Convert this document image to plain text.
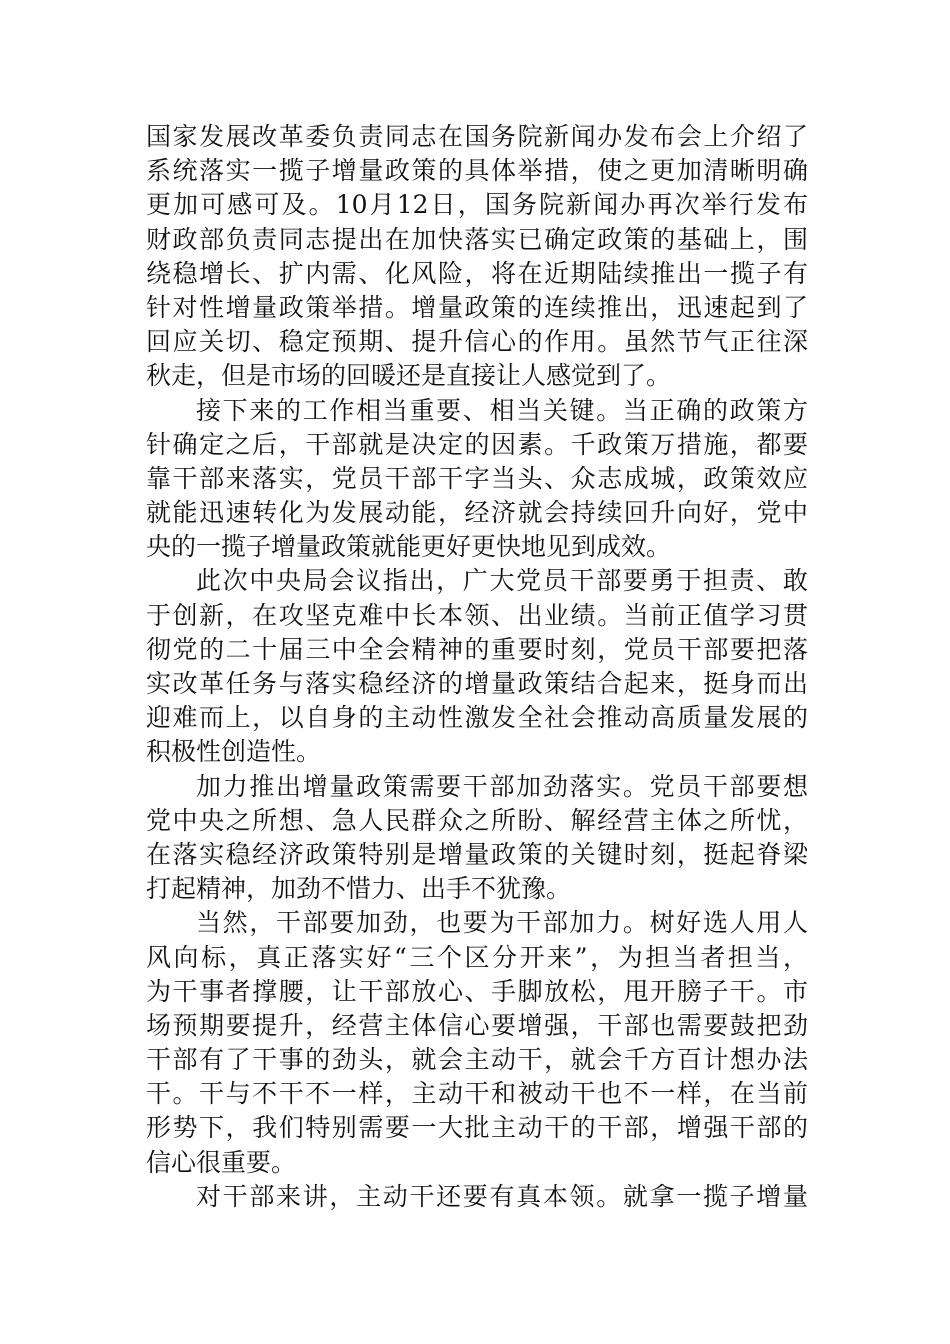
国家发展改革委负责同志在国务院新闻办发布会上介绍了
系统落实一揽子增量政策的具体举措，使之更加清晰明确
更加可感可及。10月12日，国务院新闻办再次举行发布
财政部负责同志提出在加快落实已确定政策的基础上，围
绕稳增长、扩内需、化风险，将在近期陆续推出一揽子有
针对性增量政策举措。增量政策的连续推出，迅速起到了
回应关切、稳定预期、提升信心的作用。虽然节气正往深
秋走，但是市场的回暖还是直接让人感觉到了。
接下来的工作相当重要、相当关键。当正确的政策方
针确定之后，干部就是决定的因素。千政策万措施，都要
靠干部来落实，党员干部干字当头、众志成城，政策效应
就能迅速转化为发展动能，经济就会持续回升向好，党中
央的一揽子增量政策就能更好更快地见到成效。
此次中央局会议指出，广大党员干部要勇于担责、敢
于创新，在攻坚克难中长本领、出业绩。当前正值学习贯
彻党的二十届三中全会精神的重要时刻，党员干部要把落
实改革任务与落实稳经济的增量政策结合起来，挺身而出
迎难而上，以自身的主动性激发全社会推动高质量发展的
积极性创造性。
加力推出增量政策需要干部加劲落实。党员干部要想
党中央之所想、急人民群众之所盼、解经营主体之所忧，
在落实稳经济政策特别是增量政策的关键时刻，挺起脊梁
打起精神，加劲不惜力、出手不犹豫。
当然，干部要加劲，也要为干部加力。树好选人用人
风向标，真正落实好“三个区分开来”，为担当者担当，
为干事者撑腰，让干部放心、手脚放松，甩开膀子干。市
场预期要提升，经营主体信心要增强，干部也需要鼓把劲
干部有了干事的劲头，就会主动干，就会千方百计想办法
干。干与不干不一样，主动干和被动干也不一样，在当前
形势下，我们特别需要一大批主动干的干部，增强干部的
信心很重要。
对干部来讲，主动干还要有真本领。就拿一揽子增量
